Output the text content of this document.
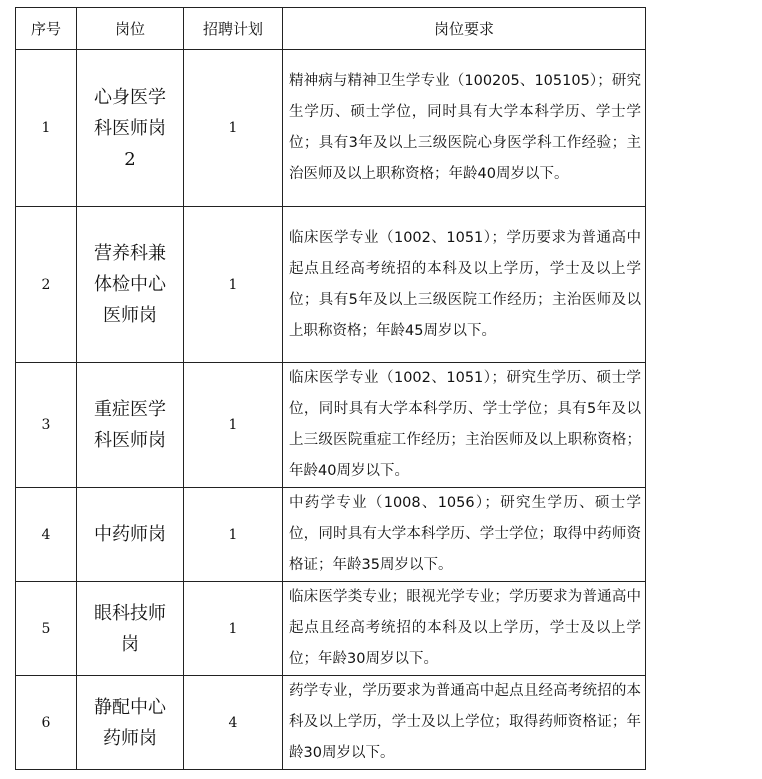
序号	岗位	招聘计划	岗位要求
1	心身医学科医师岗2	1	精神病与精神卫生学专业（100205、105105）；研究生学历、硕士学位，同时具有大学本科学历、学士学位；具有3年及以上三级医院心身医学科工作经验；主治医师及以上职称资格；年龄40周岁以下。
2	营养科兼体检中心医师岗	1	临床医学专业（1002、1051）；学历要求为普通高中起点且经高考统招的本科及以上学历，学士及以上学位；具有5年及以上三级医院工作经历；主治医师及以上职称资格；年龄45周岁以下。
3	重症医学科医师岗	1	临床医学专业（1002、1051）；研究生学历、硕士学位，同时具有大学本科学历、学士学位；具有5年及以上三级医院重症工作经历；主治医师及以上职称资格；年龄40周岁以下。
4	中药师岗	1	中药学专业（1008、1056）；研究生学历、硕士学位，同时具有大学本科学历、学士学位；取得中药师资格证；年龄35周岁以下。
5	眼科技师岗	1	临床医学类专业；眼视光学专业；学历要求为普通高中起点且经高考统招的本科及以上学历，学士及以上学位；年龄30周岁以下。
6	静配中心药师岗	4	药学专业，学历要求为普通高中起点且经高考统招的本科及以上学历，学士及以上学位；取得药师资格证；年龄30周岁以下。
